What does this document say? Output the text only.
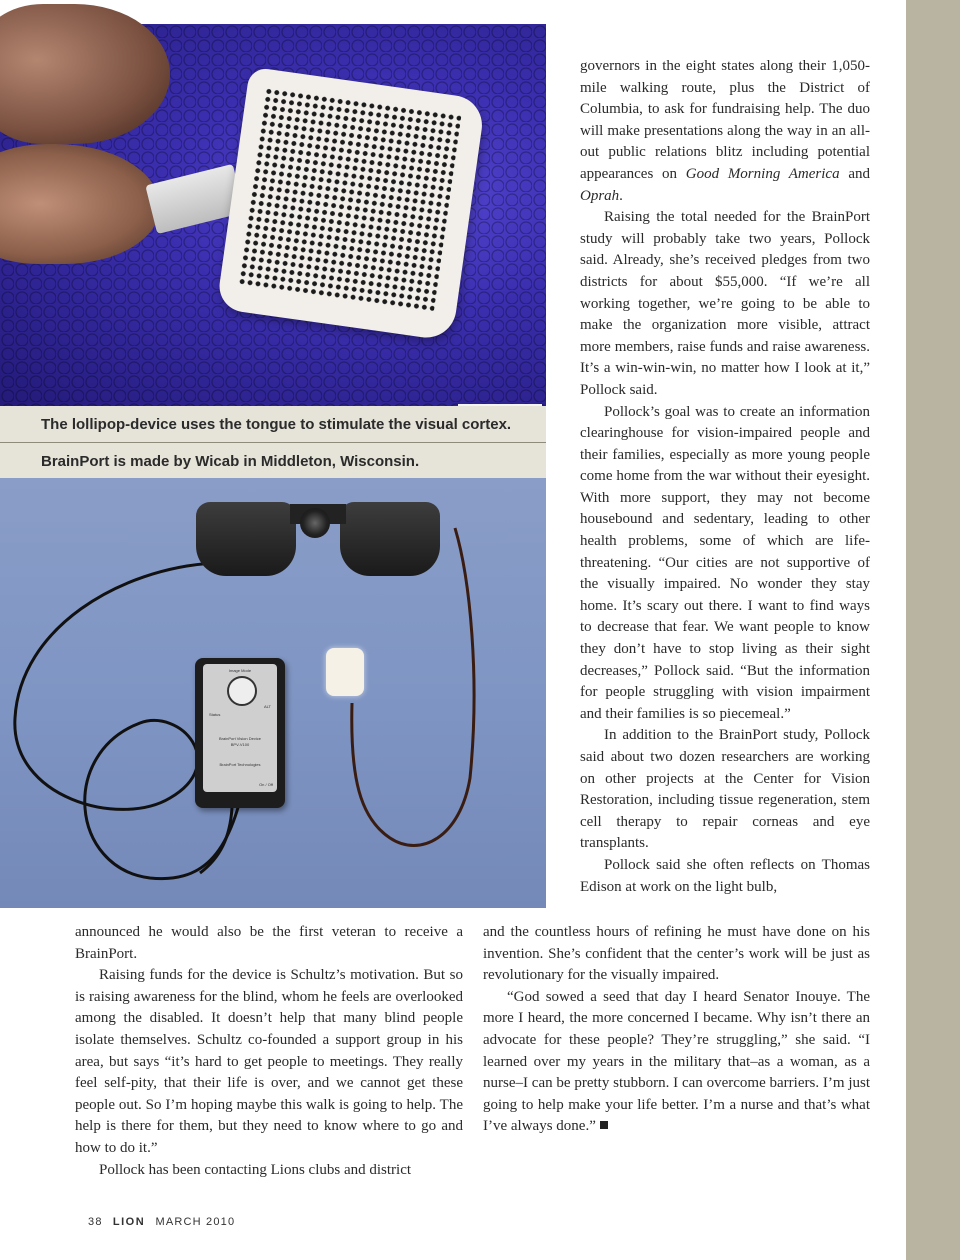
The lollipop-device uses the tongue to stimulate the visual cortex.
BrainPort is made by Wicab in Middleton, Wisconsin.
Image Mode
ALT
Status
BrainPort Vision Device
BPV-V100
BrainPort Technologies
On / Off

governors in the eight states along their 1,050-mile walking route, plus the District of Columbia, to ask for fundraising help. The duo will make presentations along the way in an all-out public relations blitz including potential appearances on Good Morning America and Oprah.

Raising the total needed for the BrainPort study will probably take two years, Pollock said. Already, she’s received pledges from two districts for about $55,000. “If we’re all working together, we’re going to be able to make the organization more visible, attract more members, raise funds and raise awareness. It’s a win-win-win, no matter how I look at it,” Pollock said.

Pollock’s goal was to create an information clearinghouse for vision-impaired people and their families, especially as more young people come home from the war without their eyesight. With more support, they may not become housebound and sedentary, leading to other health problems, some of which are life-threatening. “Our cities are not supportive of the visually impaired. No wonder they stay home. It’s scary out there. I want to find ways to decrease that fear. We want people to know they don’t have to stop living as their sight decreases,” Pollock said. “But the information for people struggling with vision impairment and their families is so piecemeal.”

In addition to the BrainPort study, Pollock said about two dozen researchers are working on other projects at the Center for Vision Restoration, including tissue regeneration, stem cell therapy to repair corneas and eye transplants.

Pollock said she often reflects on Thomas Edison at work on the light bulb,

and the countless hours of refining he must have done on his invention. She’s confident that the center’s work will be just as revolutionary for the visually impaired.

“God sowed a seed that day I heard Senator Inouye. The more I heard, the more concerned I became. Why isn’t there an advocate for these people? They’re struggling,” she said. “I learned over my years in the military that–as a woman, as a nurse–I can be pretty stubborn. I can overcome barriers. I’m just going to help make your life better. I’m a nurse and that’s what I’ve always done.”

announced he would also be the first veteran to receive a BrainPort.

Raising funds for the device is Schultz’s motivation. But so is raising awareness for the blind, whom he feels are overlooked among the disabled. It doesn’t help that many blind people isolate themselves. Schultz co-founded a support group in his area, but says “it’s hard to get people to meetings. They really feel self-pity, that their life is over, and we cannot get these people out. So I’m hoping maybe this walk is going to help. The help is there for them, but they need to know where to go and how to do it.”

Pollock has been contacting Lions clubs and district

38 LION MARCH 2010
